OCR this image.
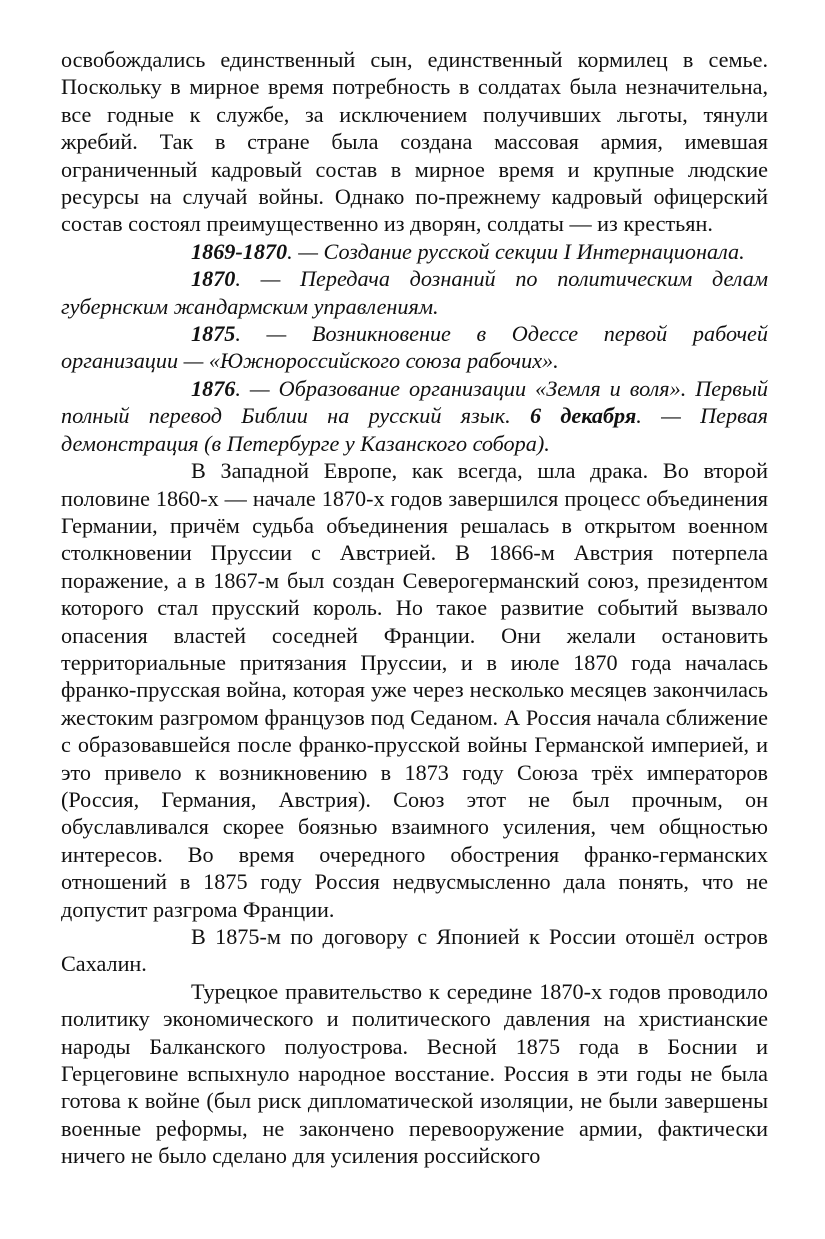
освобождались единственный сын, единственный кормилец в семье. Поскольку в мирное время потребность в солдатах была незначительна, все годные к службе, за исключением получивших льготы, тянули жребий. Так в стране была создана массовая армия, имевшая ограниченный кадровый состав в мирное время и крупные людские ресурсы на случай войны. Однако по-прежнему кадровый офицерский состав состоял преимущественно из дворян, солдаты — из крестьян.

1869-1870. — Создание русской секции I Интернационала.

1870. — Передача дознаний по политическим делам губернским жандармским управлениям.

1875. — Возникновение в Одессе первой рабочей организации — «Южнороссийского союза рабочих».

1876. — Образование организации «Земля и воля». Первый полный перевод Библии на русский язык. 6 декабря. — Первая демонстрация (в Петербурге у Казанского собора).

В Западной Европе, как всегда, шла драка. Во второй половине 1860-х — начале 1870-х годов завершился процесс объединения Германии, причём судьба объединения решалась в открытом военном столкновении Пруссии с Австрией. В 1866-м Австрия потерпела поражение, а в 1867-м был создан Северогерманский союз, президентом которого стал прусский король. Но такое развитие событий вызвало опасения властей соседней Франции. Они желали остановить территориальные притязания Пруссии, и в июле 1870 года началась франко-прусская война, которая уже через несколько месяцев закончилась жестоким разгромом французов под Седаном. А Россия начала сближение с образовавшейся после франко-прусской войны Германской империей, и это привело к возникновению в 1873 году Союза трёх императоров (Россия, Германия, Австрия). Союз этот не был прочным, он обуславливался скорее боязнью взаимного усиления, чем общностью интересов. Во время очередного обострения франко-германских отношений в 1875 году Россия недвусмысленно дала понять, что не допустит разгрома Франции.

В 1875-м по договору с Японией к России отошёл остров Сахалин.

Турецкое правительство к середине 1870-х годов проводило политику экономического и политического давления на христианские народы Балканского полуострова. Весной 1875 года в Боснии и Герцеговине вспыхнуло народное восстание. Россия в эти годы не была готова к войне (был риск дипломатической изоляции, не были завершены военные реформы, не закончено перевооружение армии, фактически ничего не было сделано для усиления российского
